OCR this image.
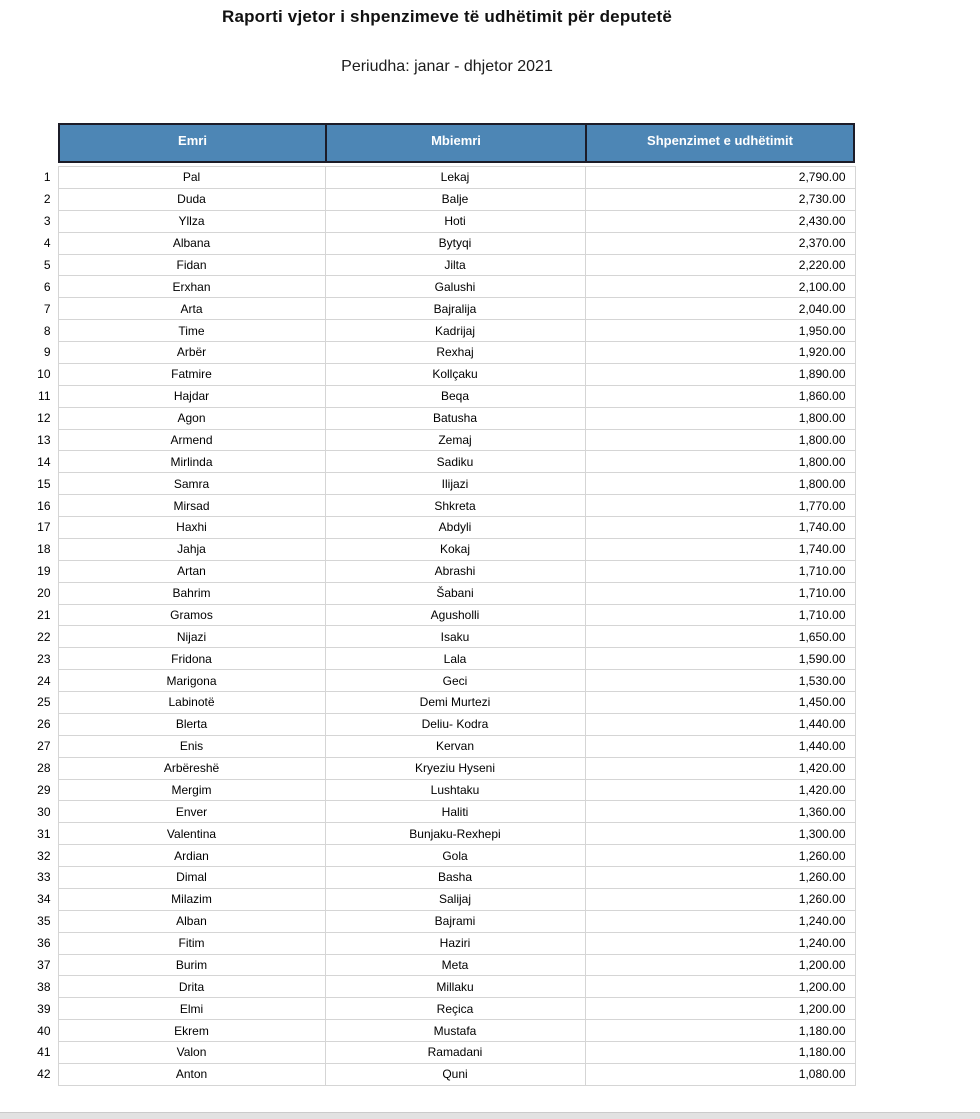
Raporti vjetor i shpenzimeve të udhëtimit për deputetë
Periudha: janar - dhjetor 2021
Emri	Mbiemri	Shpenzimet e udhëtimit
1	Pal	Lekaj	2,790.00
2	Duda	Balje	2,730.00
3	Yllza	Hoti	2,430.00
4	Albana	Bytyqi	2,370.00
5	Fidan	Jilta	2,220.00
6	Erxhan	Galushi	2,100.00
7	Arta	Bajralija	2,040.00
8	Time	Kadrijaj	1,950.00
9	Arbër	Rexhaj	1,920.00
10	Fatmire	Kollçaku	1,890.00
11	Hajdar	Beqa	1,860.00
12	Agon	Batusha	1,800.00
13	Armend	Zemaj	1,800.00
14	Mirlinda	Sadiku	1,800.00
15	Samra	Ilijazi	1,800.00
16	Mirsad	Shkreta	1,770.00
17	Haxhi	Abdyli	1,740.00
18	Jahja	Kokaj	1,740.00
19	Artan	Abrashi	1,710.00
20	Bahrim	Šabani	1,710.00
21	Gramos	Agusholli	1,710.00
22	Nijazi	Isaku	1,650.00
23	Fridona	Lala	1,590.00
24	Marigona	Geci	1,530.00
25	Labinotë	Demi Murtezi	1,450.00
26	Blerta	Deliu- Kodra	1,440.00
27	Enis	Kervan	1,440.00
28	Arbëreshë	Kryeziu Hyseni	1,420.00
29	Mergim	Lushtaku	1,420.00
30	Enver	Haliti	1,360.00
31	Valentina	Bunjaku-Rexhepi	1,300.00
32	Ardian	Gola	1,260.00
33	Dimal	Basha	1,260.00
34	Milazim	Salijaj	1,260.00
35	Alban	Bajrami	1,240.00
36	Fitim	Haziri	1,240.00
37	Burim	Meta	1,200.00
38	Drita	Millaku	1,200.00
39	Elmi	Reçica	1,200.00
40	Ekrem	Mustafa	1,180.00
41	Valon	Ramadani	1,180.00
42	Anton	Quni	1,080.00
